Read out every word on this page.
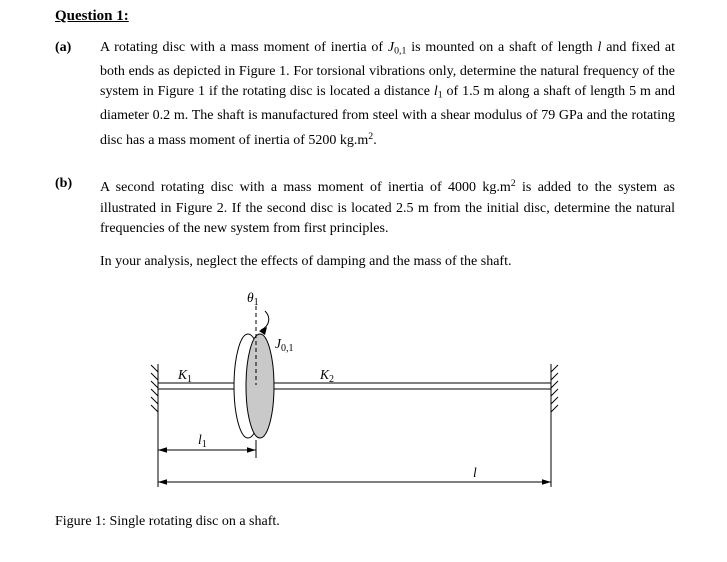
Question 1:
(a)	A rotating disc with a mass moment of inertia of $J_{0,1}$ is mounted on a shaft of length l and fixed at both ends as depicted in Figure 1. For torsional vibrations only, determine the natural frequency of the system in Figure 1 if the rotating disc is located a distance $l_1$ of 1.5 m along a shaft of length 5 m and diameter 0.2 m. The shaft is manufactured from steel with a shear modulus of 79 GPa and the rotating disc has a mass moment of inertia of 5200 $kg.m^2$.

(b)	A second rotating disc with a mass moment of inertia of 4000 $kg.m^2$ is added to the system as illustrated in Figure 2. If the second disc is located 2.5 m from the initial disc, determine the natural frequencies of the new system from first principles.

In your analysis, neglect the effects of damping and the mass of the shaft.

$\theta_1$
$J_{0,1}$
$K_1$	$K_2$
$l_1$
l

Figure 1: Single rotating disc on a shaft.
